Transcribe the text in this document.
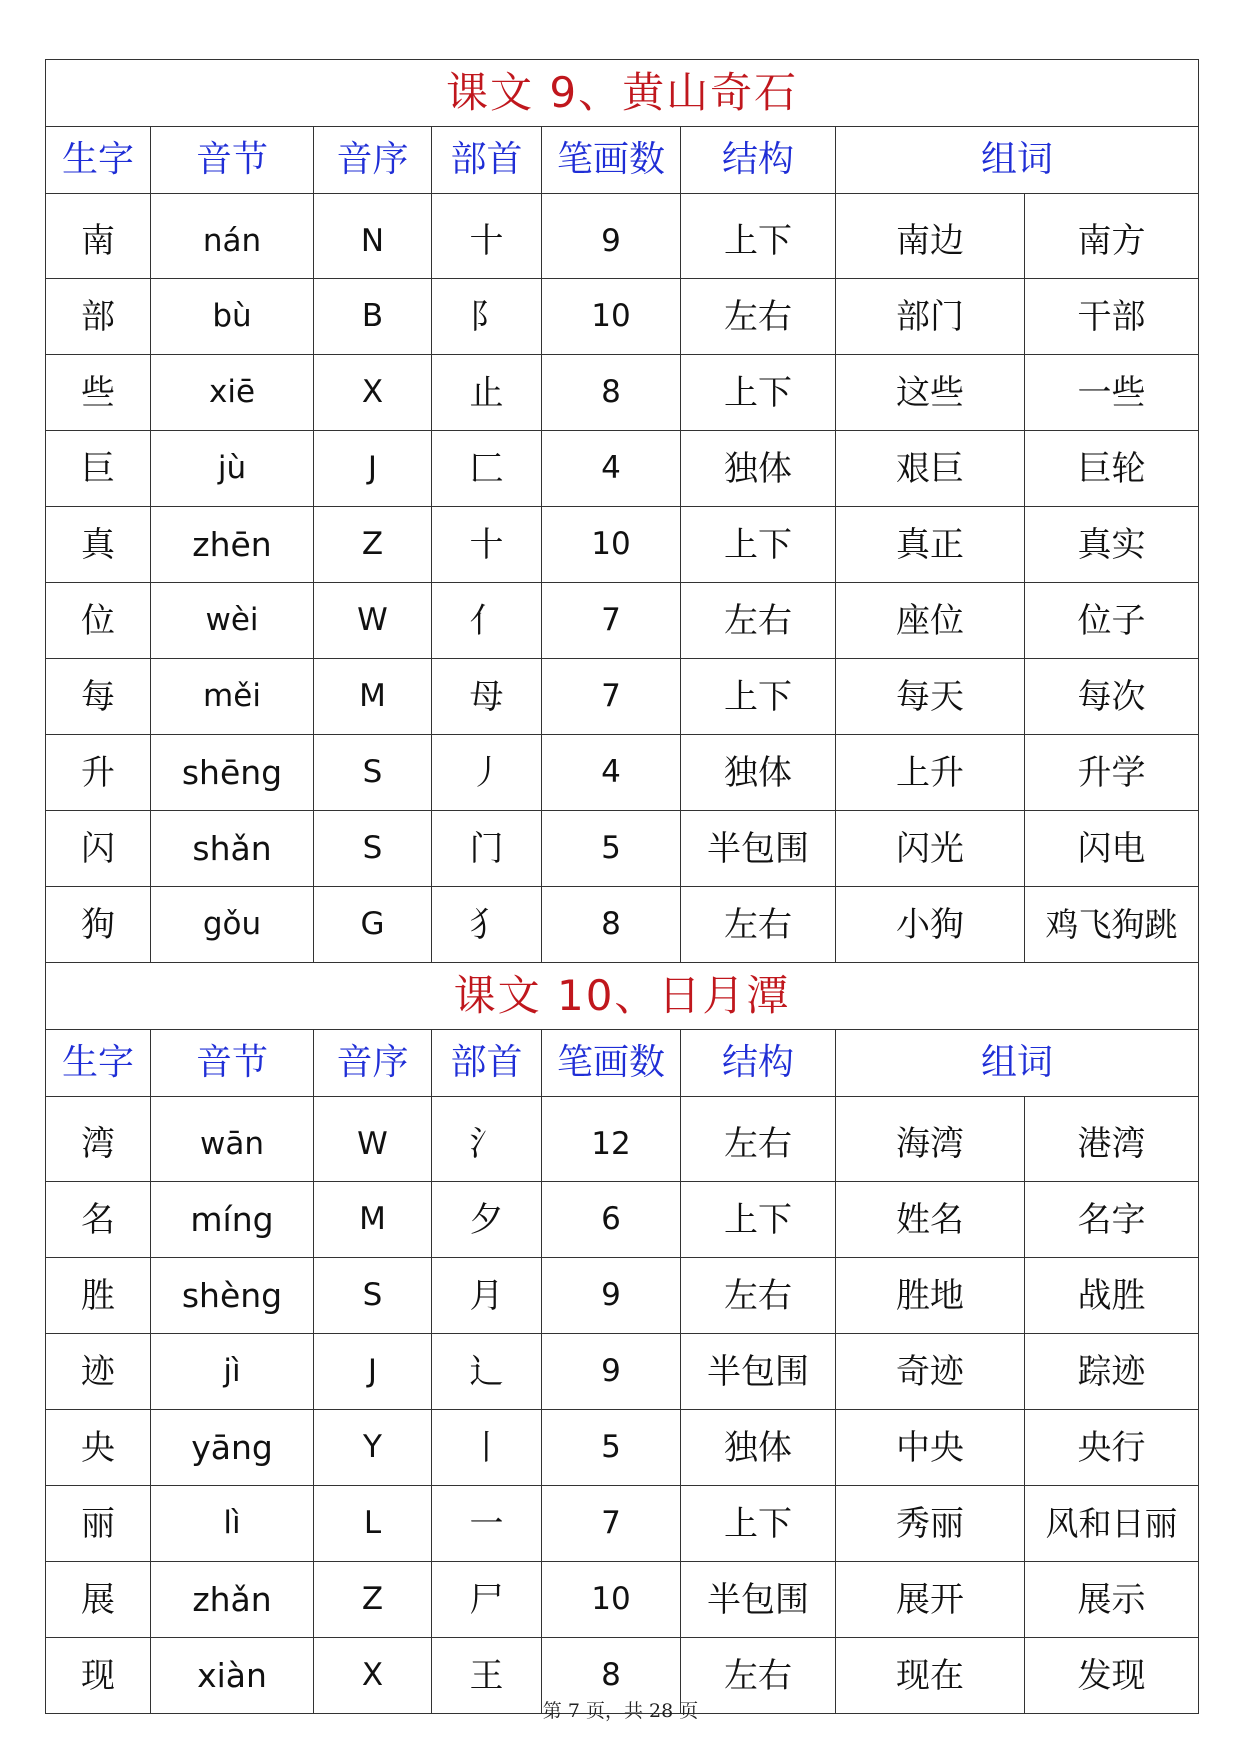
课文 9、黄山奇石							
生字	音节	音序	部首	笔画数	结构	组词	
南	nán	N	十	9	上下	南边	南方
部	bù	B	阝	10	左右	部门	干部
些	xiē	X	止	8	上下	这些	一些
巨	jù	J	匚	4	独体	艰巨	巨轮
真	zhēn	Z	十	10	上下	真正	真实
位	wèi	W	亻	7	左右	座位	位子
每	měi	M	母	7	上下	每天	每次
升	shēng	S	丿	4	独体	上升	升学
闪	shǎn	S	门	5	半包围	闪光	闪电
狗	gǒu	G	犭	8	左右	小狗	鸡飞狗跳
课文 10、日月潭							
生字	音节	音序	部首	笔画数	结构	组词	
湾	wān	W	氵	12	左右	海湾	港湾
名	míng	M	夕	6	上下	姓名	名字
胜	shèng	S	月	9	左右	胜地	战胜
迹	jì	J	辶	9	半包围	奇迹	踪迹
央	yāng	Y	丨	5	独体	中央	央行
丽	lì	L	一	7	上下	秀丽	风和日丽
展	zhǎn	Z	尸	10	半包围	展开	展示
现	xiàn	X	王	8	左右	现在	发现
第 7 页，共 28 页
